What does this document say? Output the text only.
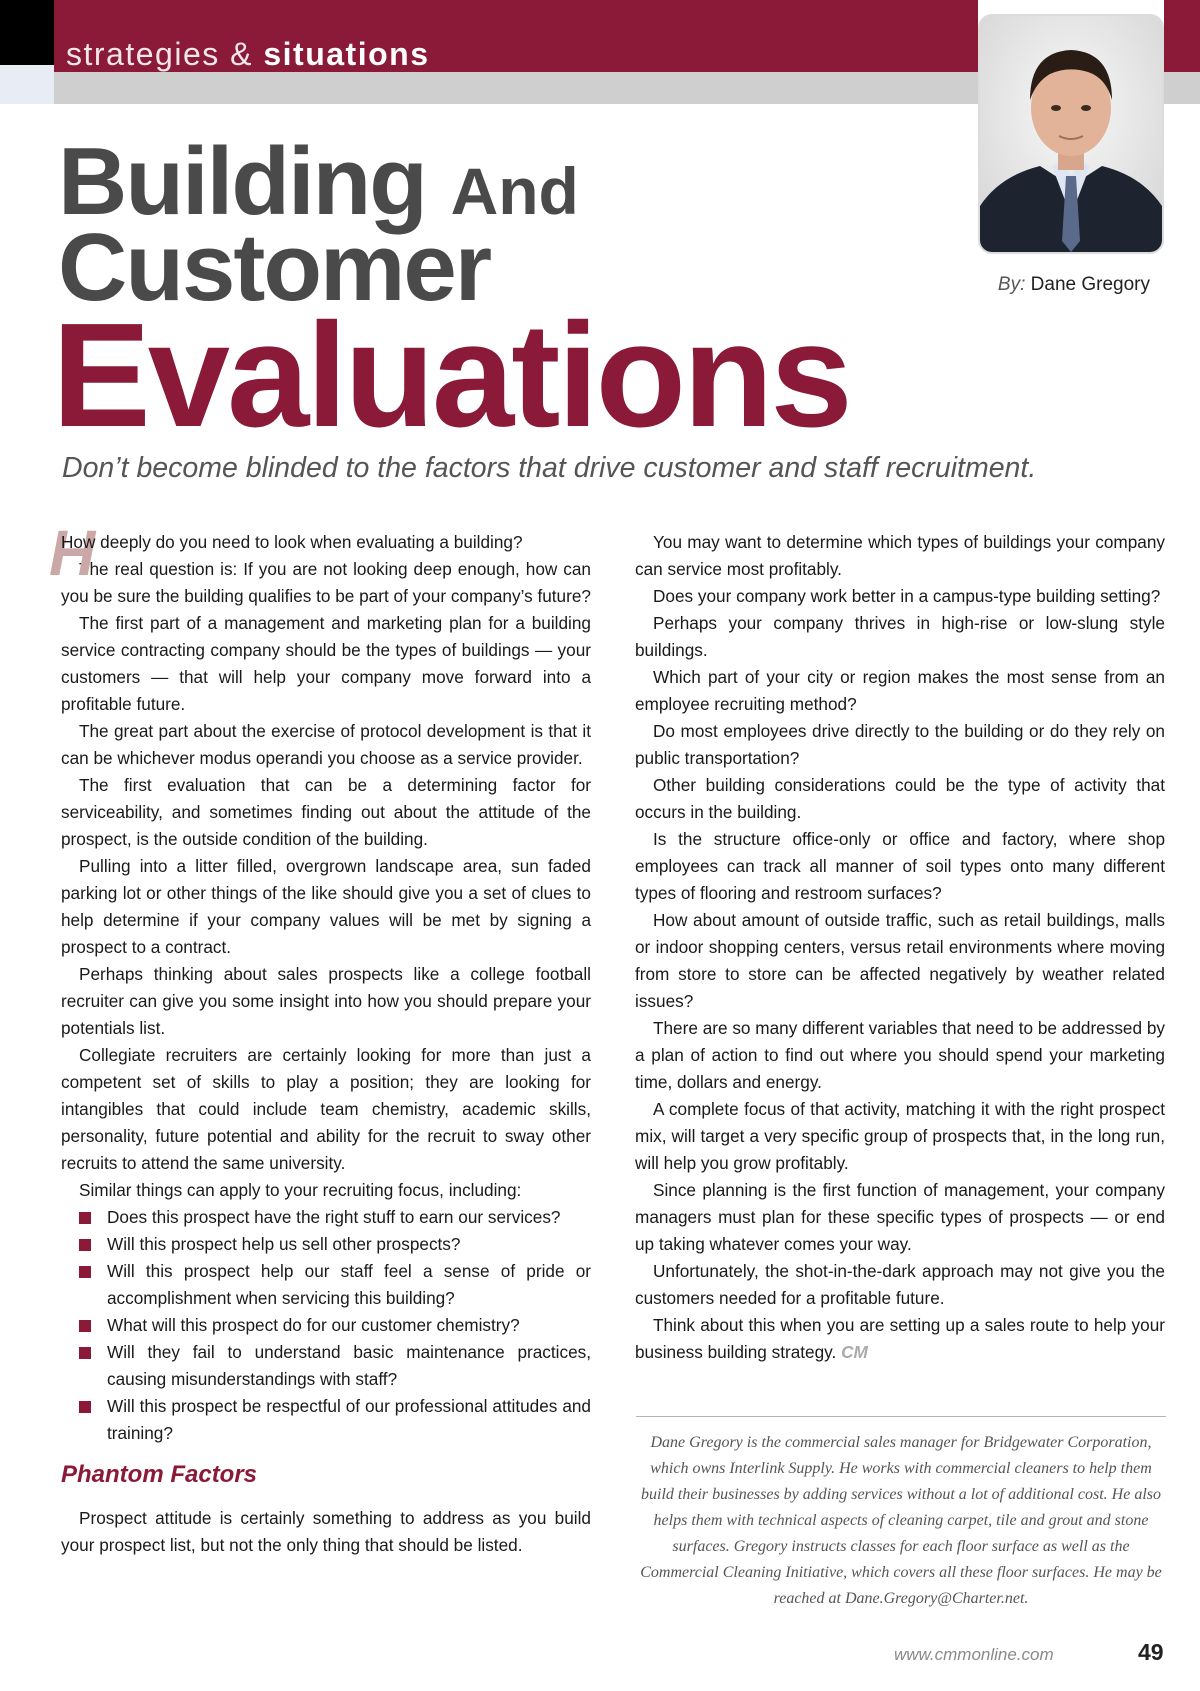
strategies & situations
By: Dane Gregory
Building And
Customer
Evaluations
Don’t become blinded to the factors that drive customer and staff recruitment.

H
How deeply do you need to look when evaluating a building?

The real question is: If you are not looking deep enough, how can you be sure the building qualifies to be part of your company’s future?

The first part of a management and marketing plan for a building service contracting company should be the types of buildings — your customers — that will help your company move forward into a profitable future.

The great part about the exercise of protocol development is that it can be whichever modus operandi you choose as a service provider.

The first evaluation that can be a determining factor for serviceability, and sometimes finding out about the attitude of the prospect, is the outside condition of the building.

Pulling into a litter filled, overgrown landscape area, sun faded parking lot or other things of the like should give you a set of clues to help determine if your company values will be met by signing a prospect to a contract.

Perhaps thinking about sales prospects like a college football recruiter can give you some insight into how you should prepare your potentials list.

Collegiate recruiters are certainly looking for more than just a competent set of skills to play a position; they are looking for intangibles that could include team chemistry, academic skills, personality, future potential and ability for the recruit to sway other recruits to attend the same university.

Similar things can apply to your recruiting focus, including:

Does this prospect have the right stuff to earn our services?
Will this prospect help us sell other prospects?
Will this prospect help our staff feel a sense of pride or accomplishment when servicing this building?
What will this prospect do for our customer chemistry?
Will they fail to understand basic maintenance practices, causing misunderstandings with staff?
Will this prospect be respectful of our professional attitudes and training?
Phantom Factors

Prospect attitude is certainly something to address as you build your prospect list, but not the only thing that should be listed.

You may want to determine which types of buildings your company can service most profitably.

Does your company work better in a campus-type building setting?

Perhaps your company thrives in high-rise or low-slung style buildings.

Which part of your city or region makes the most sense from an employee recruiting method?

Do most employees drive directly to the building or do they rely on public transportation?

Other building considerations could be the type of activity that occurs in the building.

Is the structure office-only or office and factory, where shop employees can track all manner of soil types onto many different types of flooring and restroom surfaces?

How about amount of outside traffic, such as retail buildings, malls or indoor shopping centers, versus retail environments where moving from store to store can be affected negatively by weather related issues?

There are so many different variables that need to be addressed by a plan of action to find out where you should spend your marketing time, dollars and energy.

A complete focus of that activity, matching it with the right prospect mix, will target a very specific group of prospects that, in the long run, will help you grow profitably.

Since planning is the first function of management, your company managers must plan for these specific types of prospects — or end up taking whatever comes your way.

Unfortunately, the shot-in-the-dark approach may not give you the customers needed for a profitable future.

Think about this when you are setting up a sales route to help your business building strategy. CM

Dane Gregory is the commercial sales manager for Bridgewater Corporation, which owns Interlink Supply. He works with commercial cleaners to help them build their businesses by adding services without a lot of additional cost. He also helps them with technical aspects of cleaning carpet, tile and grout and stone surfaces. Gregory instructs classes for each floor surface as well as the Commercial Cleaning Initiative, which covers all these floor surfaces. He may be reached at Dane.Gregory@Charter.net.
www.cmmonline.com	49
